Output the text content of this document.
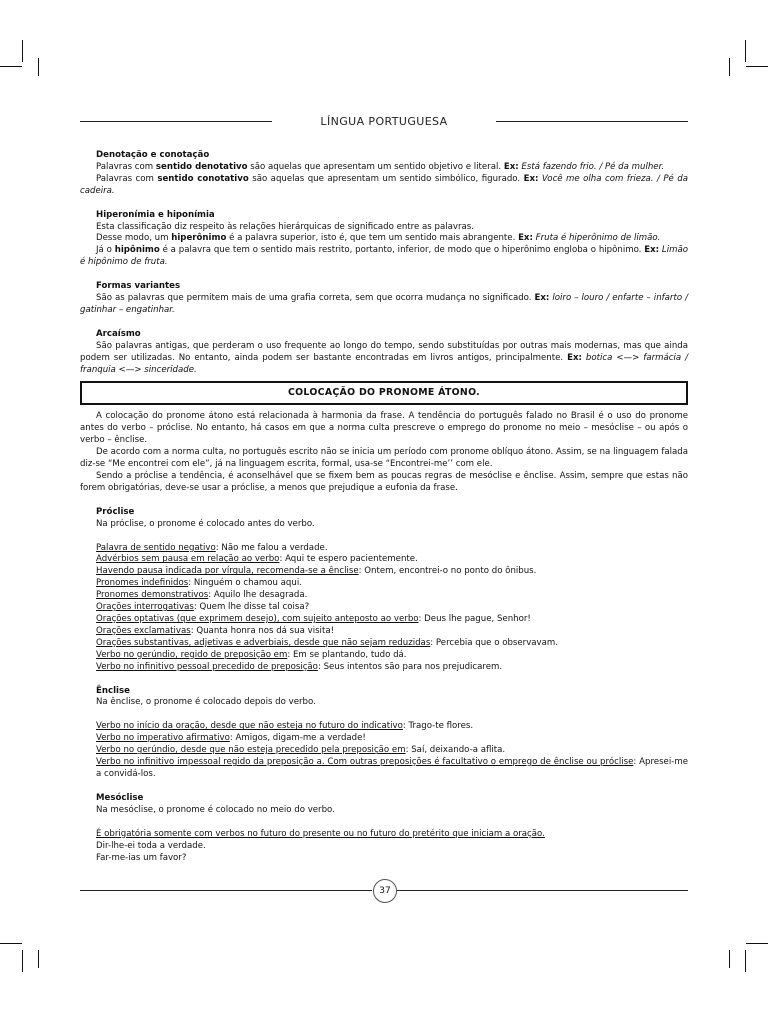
LÍNGUA PORTUGUESA

Denotação e conotação

Palavras com sentido denotativo são aquelas que apresentam um sentido objetivo e literal. Ex: Está fazendo frio. / Pé da mulher.

Palavras com sentido conotativo são aquelas que apresentam um sentido simbólico, figurado. Ex: Você me olha com frieza. / Pé da cadeira.

Hiperonímia e hiponímia

Esta classificação diz respeito às relações hierárquicas de significado entre as palavras.

Desse modo, um hiperônimo é a palavra superior, isto é, que tem um sentido mais abrangente. Ex: Fruta é hiperônimo de limão.

Já o hipônimo é a palavra que tem o sentido mais restrito, portanto, inferior, de modo que o hiperônimo engloba o hipônimo. Ex: Limão é hipônimo de fruta.

Formas variantes

São as palavras que permitem mais de uma grafia correta, sem que ocorra mudança no significado. Ex: loiro – louro / enfarte – infarto / gatinhar – engatinhar.

Arcaísmo

São palavras antigas, que perderam o uso frequente ao longo do tempo, sendo substituídas por outras mais modernas, mas que ainda podem ser utilizadas. No entanto, ainda podem ser bastante encontradas em livros antigos, principalmente. Ex: botica <—> farmácia / franquia <—> sinceridade.

COLOCAÇÃO DO PRONOME ÁTONO.

A colocação do pronome átono está relacionada à harmonia da frase. A tendência do português falado no Brasil é o uso do pronome antes do verbo – próclise. No entanto, há casos em que a norma culta prescreve o emprego do pronome no meio – mesóclise – ou após o verbo – ênclise.

De acordo com a norma culta, no português escrito não se inicia um período com pronome oblíquo átono. Assim, se na linguagem falada diz-se “Me encontrei com ele”, já na linguagem escrita, formal, usa-se “Encontrei-me’’ com ele.

Sendo a próclise a tendência, é aconselhável que se fixem bem as poucas regras de mesóclise e ênclise. Assim, sempre que estas não forem obrigatórias, deve-se usar a próclise, a menos que prejudique a eufonia da frase.

Próclise

Na próclise, o pronome é colocado antes do verbo.

Palavra de sentido negativo: Não me falou a verdade.

Advérbios sem pausa em relação ao verbo: Aqui te espero pacientemente.

Havendo pausa indicada por vírgula, recomenda-se a ênclise: Ontem, encontrei-o no ponto do ônibus.

Pronomes indefinidos: Ninguém o chamou aqui.

Pronomes demonstrativos: Aquilo lhe desagrada.

Orações interrogativas: Quem lhe disse tal coisa?

Orações optativas (que exprimem desejo), com sujeito anteposto ao verbo: Deus lhe pague, Senhor!

Orações exclamativas: Quanta honra nos dá sua visita!

Orações substantivas, adjetivas e adverbiais, desde que não sejam reduzidas: Percebia que o observavam.

Verbo no gerúndio, regido de preposição em: Em se plantando, tudo dá.

Verbo no infinitivo pessoal precedido de preposição: Seus intentos são para nos prejudicarem.

Ênclise

Na ênclise, o pronome é colocado depois do verbo.

Verbo no início da oração, desde que não esteja no futuro do indicativo: Trago-te flores.

Verbo no imperativo afirmativo: Amigos, digam-me a verdade!

Verbo no gerúndio, desde que não esteja precedido pela preposição em: Saí, deixando-a aflita.

Verbo no infinitivo impessoal regido da preposição a. Com outras preposições é facultativo o emprego de ênclise ou próclise: Apresei-me a convidá-los.

Mesóclise

Na mesóclise, o pronome é colocado no meio do verbo.

É obrigatória somente com verbos no futuro do presente ou no futuro do pretérito que iniciam a oração.

Dir-lhe-ei toda a verdade.

Far-me-ias um favor?

37
